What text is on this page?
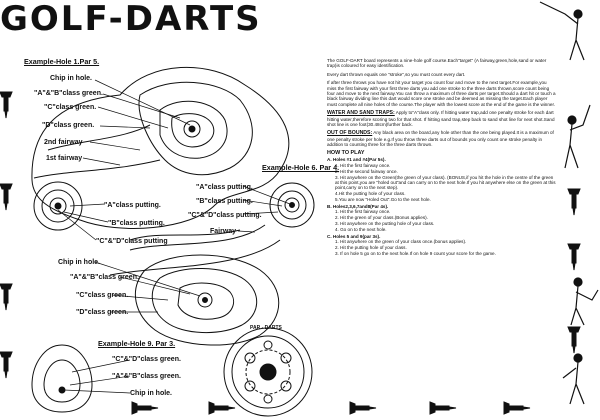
GOLF-DARTS
Example-Hole 1.Par 5.
Chip in hole.
"A"&"B"class green.
"C"class green.
"D"class green.
2nd fairway
1st fairway
Example-Hole 6. Par 4.
"A"class putting.
"B"class putting.
"C"&"D"class putting.
Fairway
"A"class putting.
"B"class putting.
"C"&"D"class putting
Chip in hole.
"A"&"B"class green.
"C"class green.
"D"class green.
Example-Hole 9. Par 3.
"C"&"D"class green.
"A"&"B"class green.
Chip in hole.
PAR - DARTS

The GOLF-DART board represents a nine-hole golf course.Each"target" (A fairway,green,hole,sand or water trap)is coloured for easy identification.

Every dart thrown equals one "stroke",so you must count every dart.

If after three throws you have not hit your target you count four and move to the next target.For example,you miss the first fairway with your first three darts you add one stroke to the three darts thrown,score count being four and move to the next fairway.You can throw a maximum of three darts per target.Should a dart hit or touch a black fairway dividing line this dart would score one stroke and be deemed as missing the target.Each player must complete all nine holes of the course.The player with the lowest score at the end of the game is the winner.

WATER AND SAND TRAPS: Apply to"A"class only. If hitting water trap,add one penalty stroke for each dart hitting water,therefore scoring two for that shot. If hitting sand trap,step back to sand shot line for next shot.Sand shot line is one foot(30.48cm)further back.

OUT OF BOUNDS: Any black area on the board,any hole other than the one being played.It is a maximum of one penalty stroke per hole e.g.If you throw three darts out of bounds you only count one stroke penalty in addition to counting three for the three darts thrown.

HOW TO PLAY
A. Holes #1 and #4(Par 5s).
1. Hit the first fairway once.
2. Hit the second fairway once.
3. Hit anywhere on the Green(the green of your class). (BONUS,if you hit the hole in the centre of the green at this point,you are "holed out"and can carry on to the next hole.If you hit anywhere else on the green at this point,carry on to the next step).
4.Hit the putting hole of your class.
5.You are now "Holed Out".Go to the next hole.
B. Holes2,3,6,7and8(Par 4s).
1. Hit the first fairway once.
2. Hit the green of your class.(Bonus applies).
3. Hit anywhere on the putting hole of your class.
4. Go on to the next hole.
C. Holes 5 and 9(par 3s).
1. Hit anywhere on the green of your class once.(bonus applies).
2. Hit the putting hole of your class.
3. If on hole 5 go on to the next hole.If on hole 9 count your score for the game.
